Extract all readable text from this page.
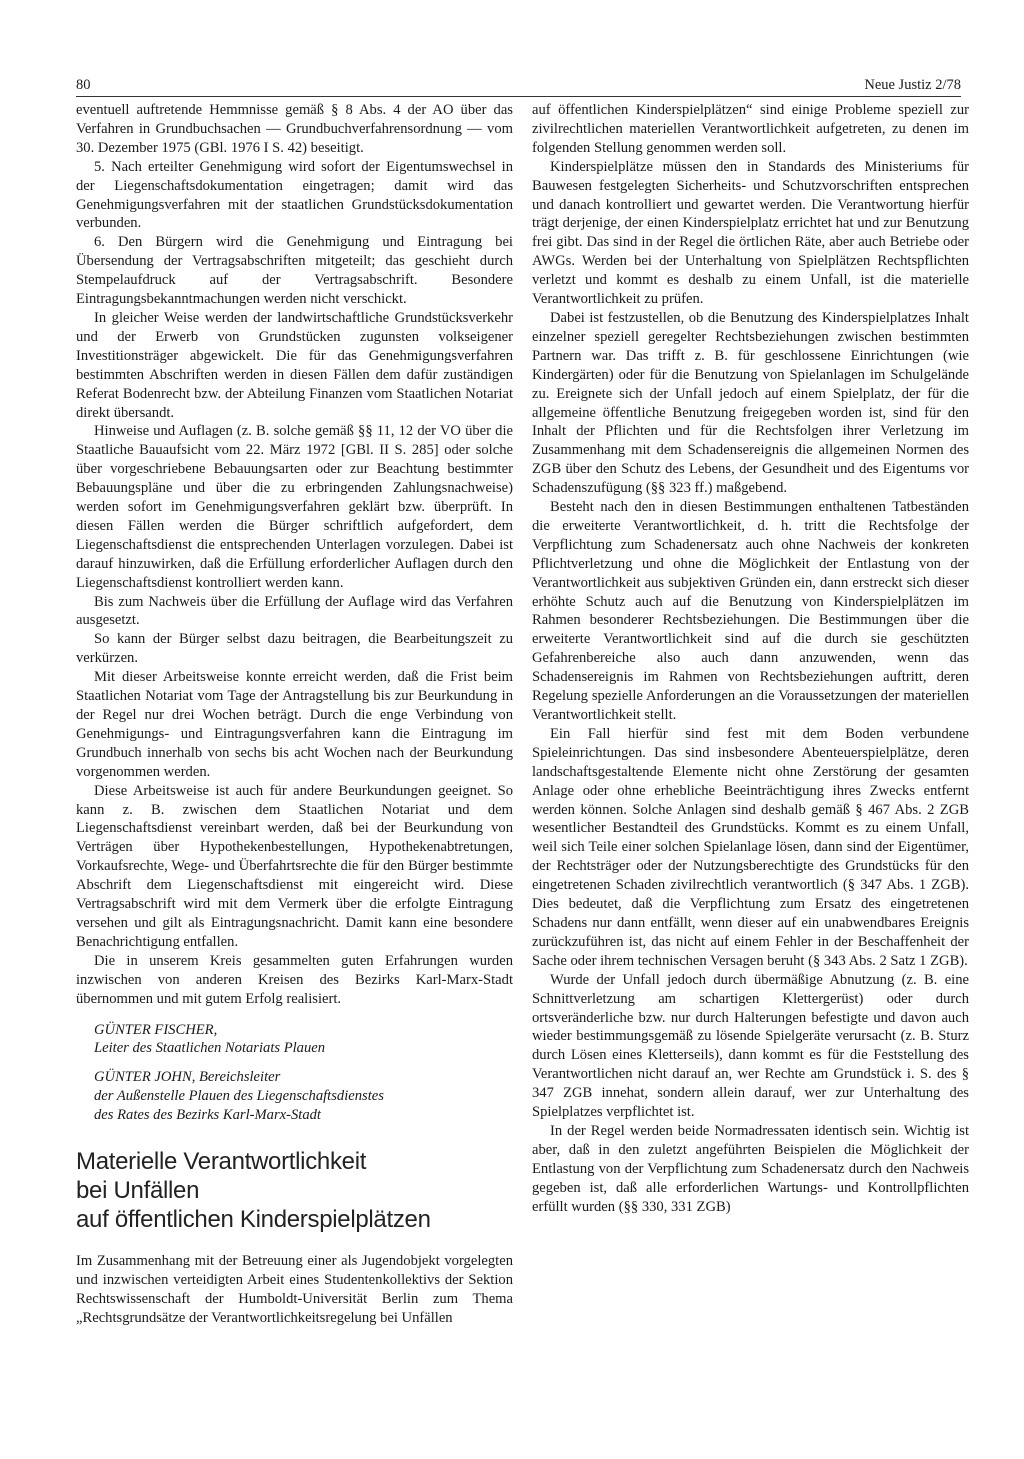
80	Neue Justiz 2/78

eventuell auftretende Hemmnisse gemäß § 8 Abs. 4 der AO über das Verfahren in Grundbuchsachen — Grundbuchverfahrensordnung — vom 30. Dezember 1975 (GBl. 1976 I S. 42) beseitigt.

5. Nach erteilter Genehmigung wird sofort der Eigentumswechsel in der Liegenschaftsdokumentation eingetragen; damit wird das Genehmigungsverfahren mit der staatlichen Grundstücksdokumentation verbunden.

6. Den Bürgern wird die Genehmigung und Eintragung bei Übersendung der Vertragsabschriften mitgeteilt; das geschieht durch Stempelaufdruck auf der Vertragsabschrift. Besondere Eintragungsbekanntmachungen werden nicht verschickt.

In gleicher Weise werden der landwirtschaftliche Grundstücksverkehr und der Erwerb von Grundstücken zugunsten volkseigener Investitionsträger abgewickelt. Die für das Genehmigungsverfahren bestimmten Abschriften werden in diesen Fällen dem dafür zuständigen Referat Bodenrecht bzw. der Abteilung Finanzen vom Staatlichen Notariat direkt übersandt.

Hinweise und Auflagen (z. B. solche gemäß §§ 11, 12 der VO über die Staatliche Bauaufsicht vom 22. März 1972 [GBl. II S. 285] oder solche über vorgeschriebene Bebauungsarten oder zur Beachtung bestimmter Bebauungspläne und über die zu erbringenden Zahlungsnachweise) werden sofort im Genehmigungsverfahren geklärt bzw. überprüft. In diesen Fällen werden die Bürger schriftlich aufgefordert, dem Liegenschaftsdienst die entsprechenden Unterlagen vorzulegen. Dabei ist darauf hinzuwirken, daß die Erfüllung erforderlicher Auflagen durch den Liegenschaftsdienst kontrolliert werden kann.

Bis zum Nachweis über die Erfüllung der Auflage wird das Verfahren ausgesetzt.

So kann der Bürger selbst dazu beitragen, die Bearbeitungszeit zu verkürzen.

Mit dieser Arbeitsweise konnte erreicht werden, daß die Frist beim Staatlichen Notariat vom Tage der Antragstellung bis zur Beurkundung in der Regel nur drei Wochen beträgt. Durch die enge Verbindung von Genehmigungs- und Eintragungsverfahren kann die Eintragung im Grundbuch innerhalb von sechs bis acht Wochen nach der Beurkundung vorgenommen werden.

Diese Arbeitsweise ist auch für andere Beurkundungen geeignet. So kann z. B. zwischen dem Staatlichen Notariat und dem Liegenschaftsdienst vereinbart werden, daß bei der Beurkundung von Verträgen über Hypothekenbestellungen, Hypothekenabtretungen, Vorkaufsrechte, Wege- und Überfahrtsrechte die für den Bürger bestimmte Abschrift dem Liegenschaftsdienst mit eingereicht wird. Diese Vertragsabschrift wird mit dem Vermerk über die erfolgte Eintragung versehen und gilt als Eintragungsnachricht. Damit kann eine besondere Benachrichtigung entfallen.

Die in unserem Kreis gesammelten guten Erfahrungen wurden inzwischen von anderen Kreisen des Bezirks Karl-Marx-Stadt übernommen und mit gutem Erfolg realisiert.

GÜNTER FISCHER,

Leiter des Staatlichen Notariats Plauen

GÜNTER JOHN, Bereichsleiter

der Außenstelle Plauen des Liegenschaftsdienstes

des Rates des Bezirks Karl-Marx-Stadt

Materielle Verantwortlichkeit
bei Unfällen
auf öffentlichen Kinderspielplätzen

Im Zusammenhang mit der Betreuung einer als Jugendobjekt vorgelegten und inzwischen verteidigten Arbeit eines Studentenkollektivs der Sektion Rechtswissenschaft der Humboldt-Universität Berlin zum Thema „Rechtsgrundsätze der Verantwortlichkeitsregelung bei Unfällen

auf öffentlichen Kinderspielplätzen“ sind einige Probleme speziell zur zivilrechtlichen materiellen Verantwortlichkeit aufgetreten, zu denen im folgenden Stellung genommen werden soll.

Kinderspielplätze müssen den in Standards des Ministeriums für Bauwesen festgelegten Sicherheits- und Schutzvorschriften entsprechen und danach kontrolliert und gewartet werden. Die Verantwortung hierfür trägt derjenige, der einen Kinderspielplatz errichtet hat und zur Benutzung frei gibt. Das sind in der Regel die örtlichen Räte, aber auch Betriebe oder AWGs. Werden bei der Unterhaltung von Spielplätzen Rechtspflichten verletzt und kommt es deshalb zu einem Unfall, ist die materielle Verantwortlichkeit zu prüfen.

Dabei ist festzustellen, ob die Benutzung des Kinderspielplatzes Inhalt einzelner speziell geregelter Rechtsbeziehungen zwischen bestimmten Partnern war. Das trifft z. B. für geschlossene Einrichtungen (wie Kindergärten) oder für die Benutzung von Spielanlagen im Schulgelände zu. Ereignete sich der Unfall jedoch auf einem Spielplatz, der für die allgemeine öffentliche Benutzung freigegeben worden ist, sind für den Inhalt der Pflichten und für die Rechtsfolgen ihrer Verletzung im Zusammenhang mit dem Schadensereignis die allgemeinen Normen des ZGB über den Schutz des Lebens, der Gesundheit und des Eigentums vor Schadenszufügung (§§ 323 ff.) maßgebend.

Besteht nach den in diesen Bestimmungen enthaltenen Tatbeständen die erweiterte Verantwortlichkeit, d. h. tritt die Rechtsfolge der Verpflichtung zum Schadenersatz auch ohne Nachweis der konkreten Pflichtverletzung und ohne die Möglichkeit der Entlastung von der Verantwortlichkeit aus subjektiven Gründen ein, dann erstreckt sich dieser erhöhte Schutz auch auf die Benutzung von Kinderspielplätzen im Rahmen besonderer Rechtsbeziehungen. Die Bestimmungen über die erweiterte Verantwortlichkeit sind auf die durch sie geschützten Gefahrenbereiche also auch dann anzuwenden, wenn das Schadensereignis im Rahmen von Rechtsbeziehungen auftritt, deren Regelung spezielle Anforderungen an die Voraussetzungen der materiellen Verantwortlichkeit stellt.

Ein Fall hierfür sind fest mit dem Boden verbundene Spieleinrichtungen. Das sind insbesondere Abenteuerspielplätze, deren landschaftsgestaltende Elemente nicht ohne Zerstörung der gesamten Anlage oder ohne erhebliche Beeinträchtigung ihres Zwecks entfernt werden können. Solche Anlagen sind deshalb gemäß § 467 Abs. 2 ZGB wesentlicher Bestandteil des Grundstücks. Kommt es zu einem Unfall, weil sich Teile einer solchen Spielanlage lösen, dann sind der Eigentümer, der Rechtsträger oder der Nutzungsberechtigte des Grundstücks für den eingetretenen Schaden zivilrechtlich verantwortlich (§ 347 Abs. 1 ZGB). Dies bedeutet, daß die Verpflichtung zum Ersatz des eingetretenen Schadens nur dann entfällt, wenn dieser auf ein unabwendbares Ereignis zurückzuführen ist, das nicht auf einem Fehler in der Beschaffenheit der Sache oder ihrem technischen Versagen beruht (§ 343 Abs. 2 Satz 1 ZGB).

Wurde der Unfall jedoch durch übermäßige Abnutzung (z. B. eine Schnittverletzung am schartigen Klettergerüst) oder durch ortsveränderliche bzw. nur durch Halterungen befestigte und davon auch wieder bestimmungsgemäß zu lösende Spielgeräte verursacht (z. B. Sturz durch Lösen eines Kletterseils), dann kommt es für die Feststellung des Verantwortlichen nicht darauf an, wer Rechte am Grundstück i. S. des § 347 ZGB innehat, sondern allein darauf, wer zur Unterhaltung des Spielplatzes verpflichtet ist.

In der Regel werden beide Normadressaten identisch sein. Wichtig ist aber, daß in den zuletzt angeführten Beispielen die Möglichkeit der Entlastung von der Verpflichtung zum Schadenersatz durch den Nachweis gegeben ist, daß alle erforderlichen Wartungs- und Kontrollpflichten erfüllt wurden (§§ 330, 331 ZGB)
